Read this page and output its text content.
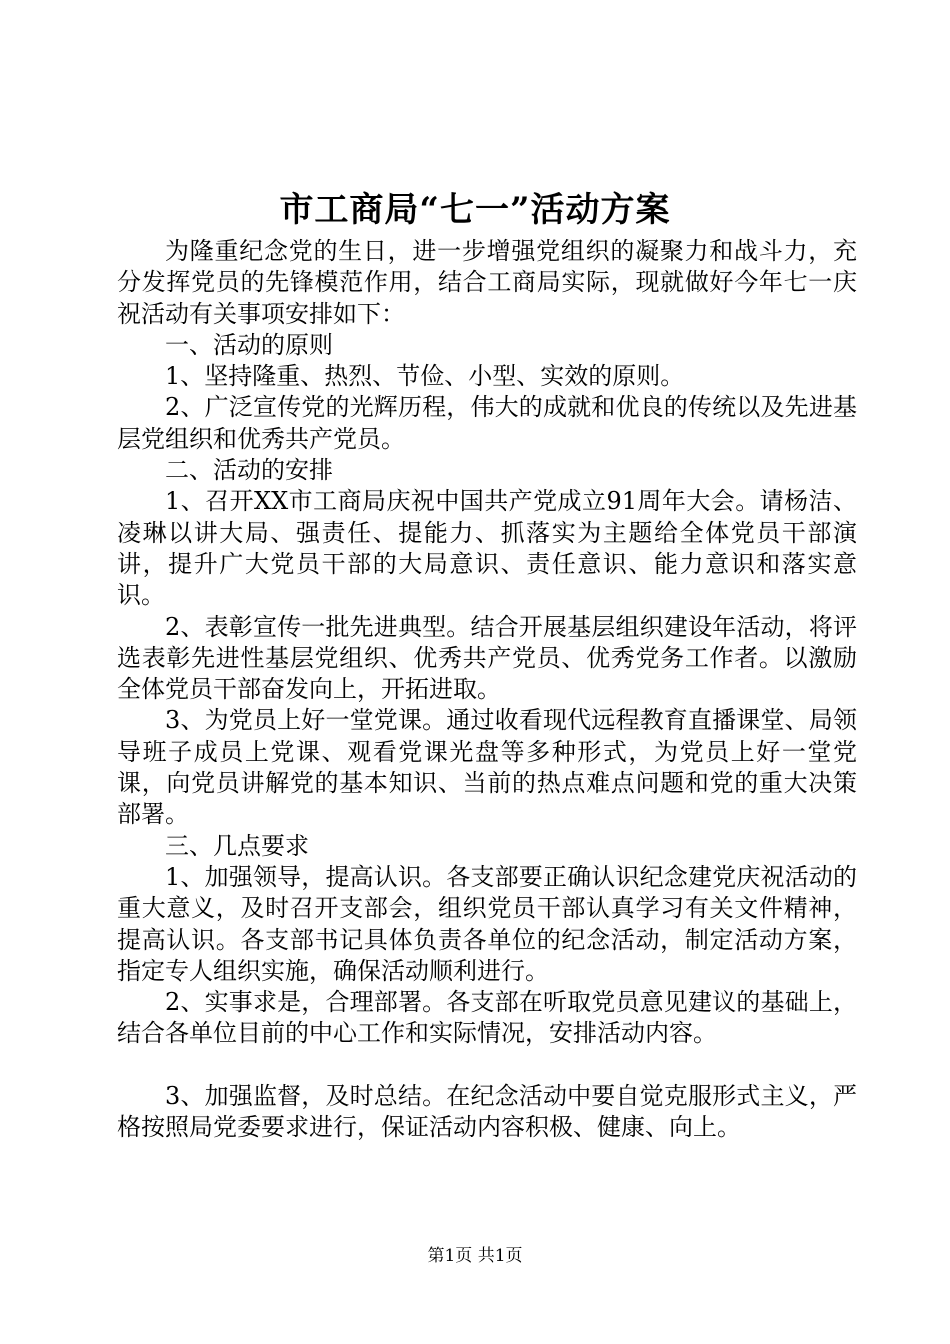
市工商局“七一”活动方案

为隆重纪念党的生日，进一步增强党组织的凝聚力和战斗力，充分发挥党员的先锋模范作用，结合工商局实际，现就做好今年七一庆祝活动有关事项安排如下：

一、活动的原则

1、坚持隆重、热烈、节俭、小型、实效的原则。

2、广泛宣传党的光辉历程，伟大的成就和优良的传统以及先进基层党组织和优秀共产党员。

二、活动的安排

1、召开XX市工商局庆祝中国共产党成立91周年大会。请杨洁、凌琳以讲大局、强责任、提能力、抓落实为主题给全体党员干部演讲，提升广大党员干部的大局意识、责任意识、能力意识和落实意识。

2、表彰宣传一批先进典型。结合开展基层组织建设年活动，将评选表彰先进性基层党组织、优秀共产党员、优秀党务工作者。以激励全体党员干部奋发向上，开拓进取。

3、为党员上好一堂党课。通过收看现代远程教育直播课堂、局领导班子成员上党课、观看党课光盘等多种形式，为党员上好一堂党课，向党员讲解党的基本知识、当前的热点难点问题和党的重大决策部署。

三、几点要求

1、加强领导，提高认识。各支部要正确认识纪念建党庆祝活动的重大意义，及时召开支部会，组织党员干部认真学习有关文件精神，提高认识。各支部书记具体负责各单位的纪念活动，制定活动方案，指定专人组织实施，确保活动顺利进行。

2、实事求是，合理部署。各支部在听取党员意见建议的基础上，结合各单位目前的中心工作和实际情况，安排活动内容。

3、加强监督，及时总结。在纪念活动中要自觉克服形式主义，严格按照局党委要求进行，保证活动内容积极、健康、向上。

第1页 共1页
